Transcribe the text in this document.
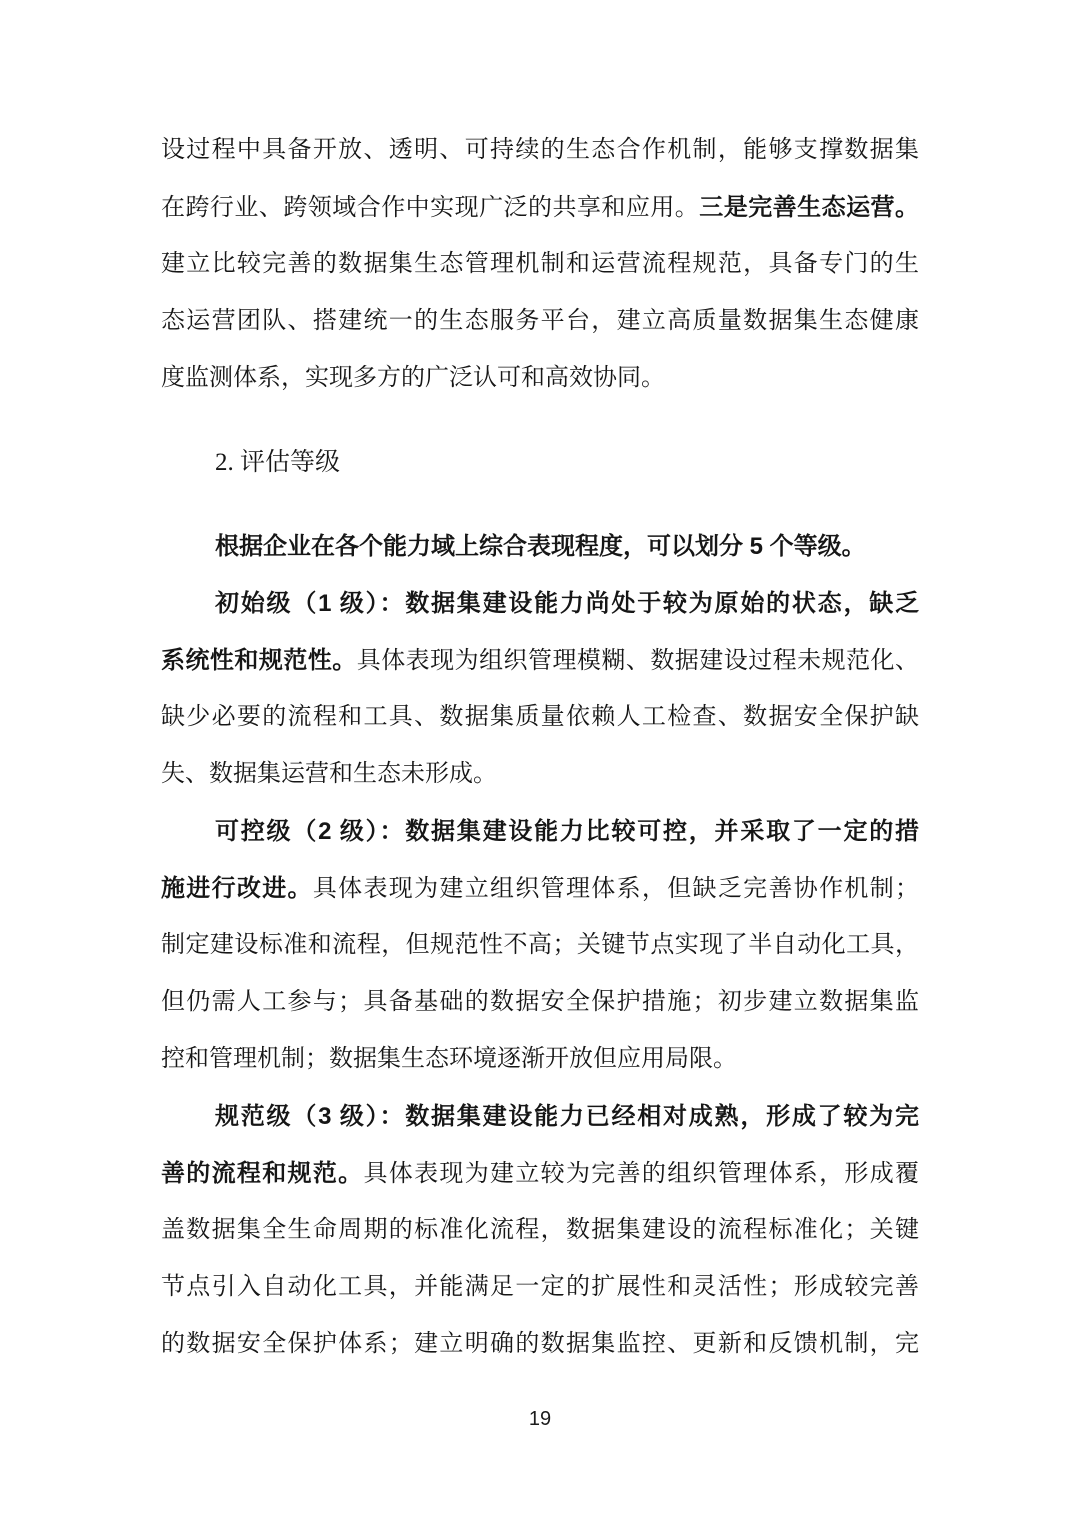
设过程中具备开放、透明、可持续的生态合作机制，能够支撑数据集
在跨行业、跨领域合作中实现广泛的共享和应用。三是完善生态运营。
建立比较完善的数据集生态管理机制和运营流程规范，具备专门的生
态运营团队、搭建统一的生态服务平台，建立高质量数据集生态健康
度监测体系，实现多方的广泛认可和高效协同。
2. 评估等级
根据企业在各个能力域上综合表现程度，可以划分 5 个等级。
初始级（1 级）：数据集建设能力尚处于较为原始的状态，缺乏
系统性和规范性。具体表现为组织管理模糊、数据建设过程未规范化、
缺少必要的流程和工具、数据集质量依赖人工检查、数据安全保护缺
失、数据集运营和生态未形成。
可控级（2 级）：数据集建设能力比较可控，并采取了一定的措
施进行改进。具体表现为建立组织管理体系，但缺乏完善协作机制；
制定建设标准和流程，但规范性不高；关键节点实现了半自动化工具，
但仍需人工参与；具备基础的数据安全保护措施；初步建立数据集监
控和管理机制；数据集生态环境逐渐开放但应用局限。
规范级（3 级）：数据集建设能力已经相对成熟，形成了较为完
善的流程和规范。具体表现为建立较为完善的组织管理体系，形成覆
盖数据集全生命周期的标准化流程，数据集建设的流程标准化；关键
节点引入自动化工具，并能满足一定的扩展性和灵活性；形成较完善
的数据安全保护体系；建立明确的数据集监控、更新和反馈机制，完
19
